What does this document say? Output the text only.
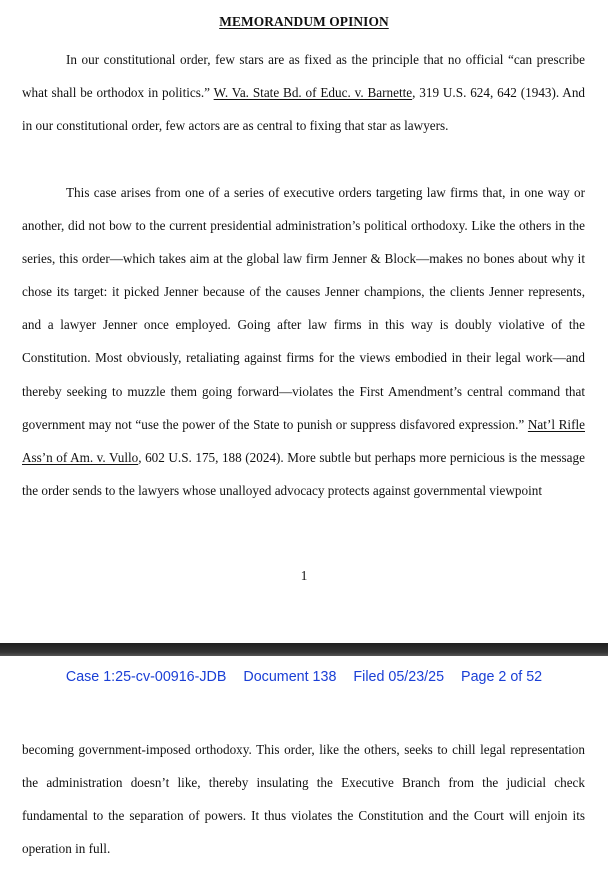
MEMORANDUM OPINION

In our constitutional order, few stars are as fixed as the principle that no official “can prescribe what shall be orthodox in politics.” W. Va. State Bd. of Educ. v. Barnette, 319 U.S. 624, 642 (1943). And in our constitutional order, few actors are as central to fixing that star as lawyers.

This case arises from one of a series of executive orders targeting law firms that, in one way or another, did not bow to the current presidential administration’s political orthodoxy. Like the others in the series, this order—which takes aim at the global law firm Jenner & Block—makes no bones about why it chose its target: it picked Jenner because of the causes Jenner champions, the clients Jenner represents, and a lawyer Jenner once employed. Going after law firms in this way is doubly violative of the Constitution. Most obviously, retaliating against firms for the views embodied in their legal work—and thereby seeking to muzzle them going forward—violates the First Amendment’s central command that government may not “use the power of the State to punish or suppress disfavored expression.” Nat’l Rifle Ass’n of Am. v. Vullo, 602 U.S. 175, 188 (2024). More subtle but perhaps more pernicious is the message the order sends to the lawyers whose unalloyed advocacy protects against governmental viewpoint

1
Case 1:25-cv-00916-JDB Document 138 Filed 05/23/25 Page 2 of 52

becoming government-imposed orthodoxy. This order, like the others, seeks to chill legal representation the administration doesn’t like, thereby insulating the Executive Branch from the judicial check fundamental to the separation of powers. It thus violates the Constitution and the Court will enjoin its operation in full.
